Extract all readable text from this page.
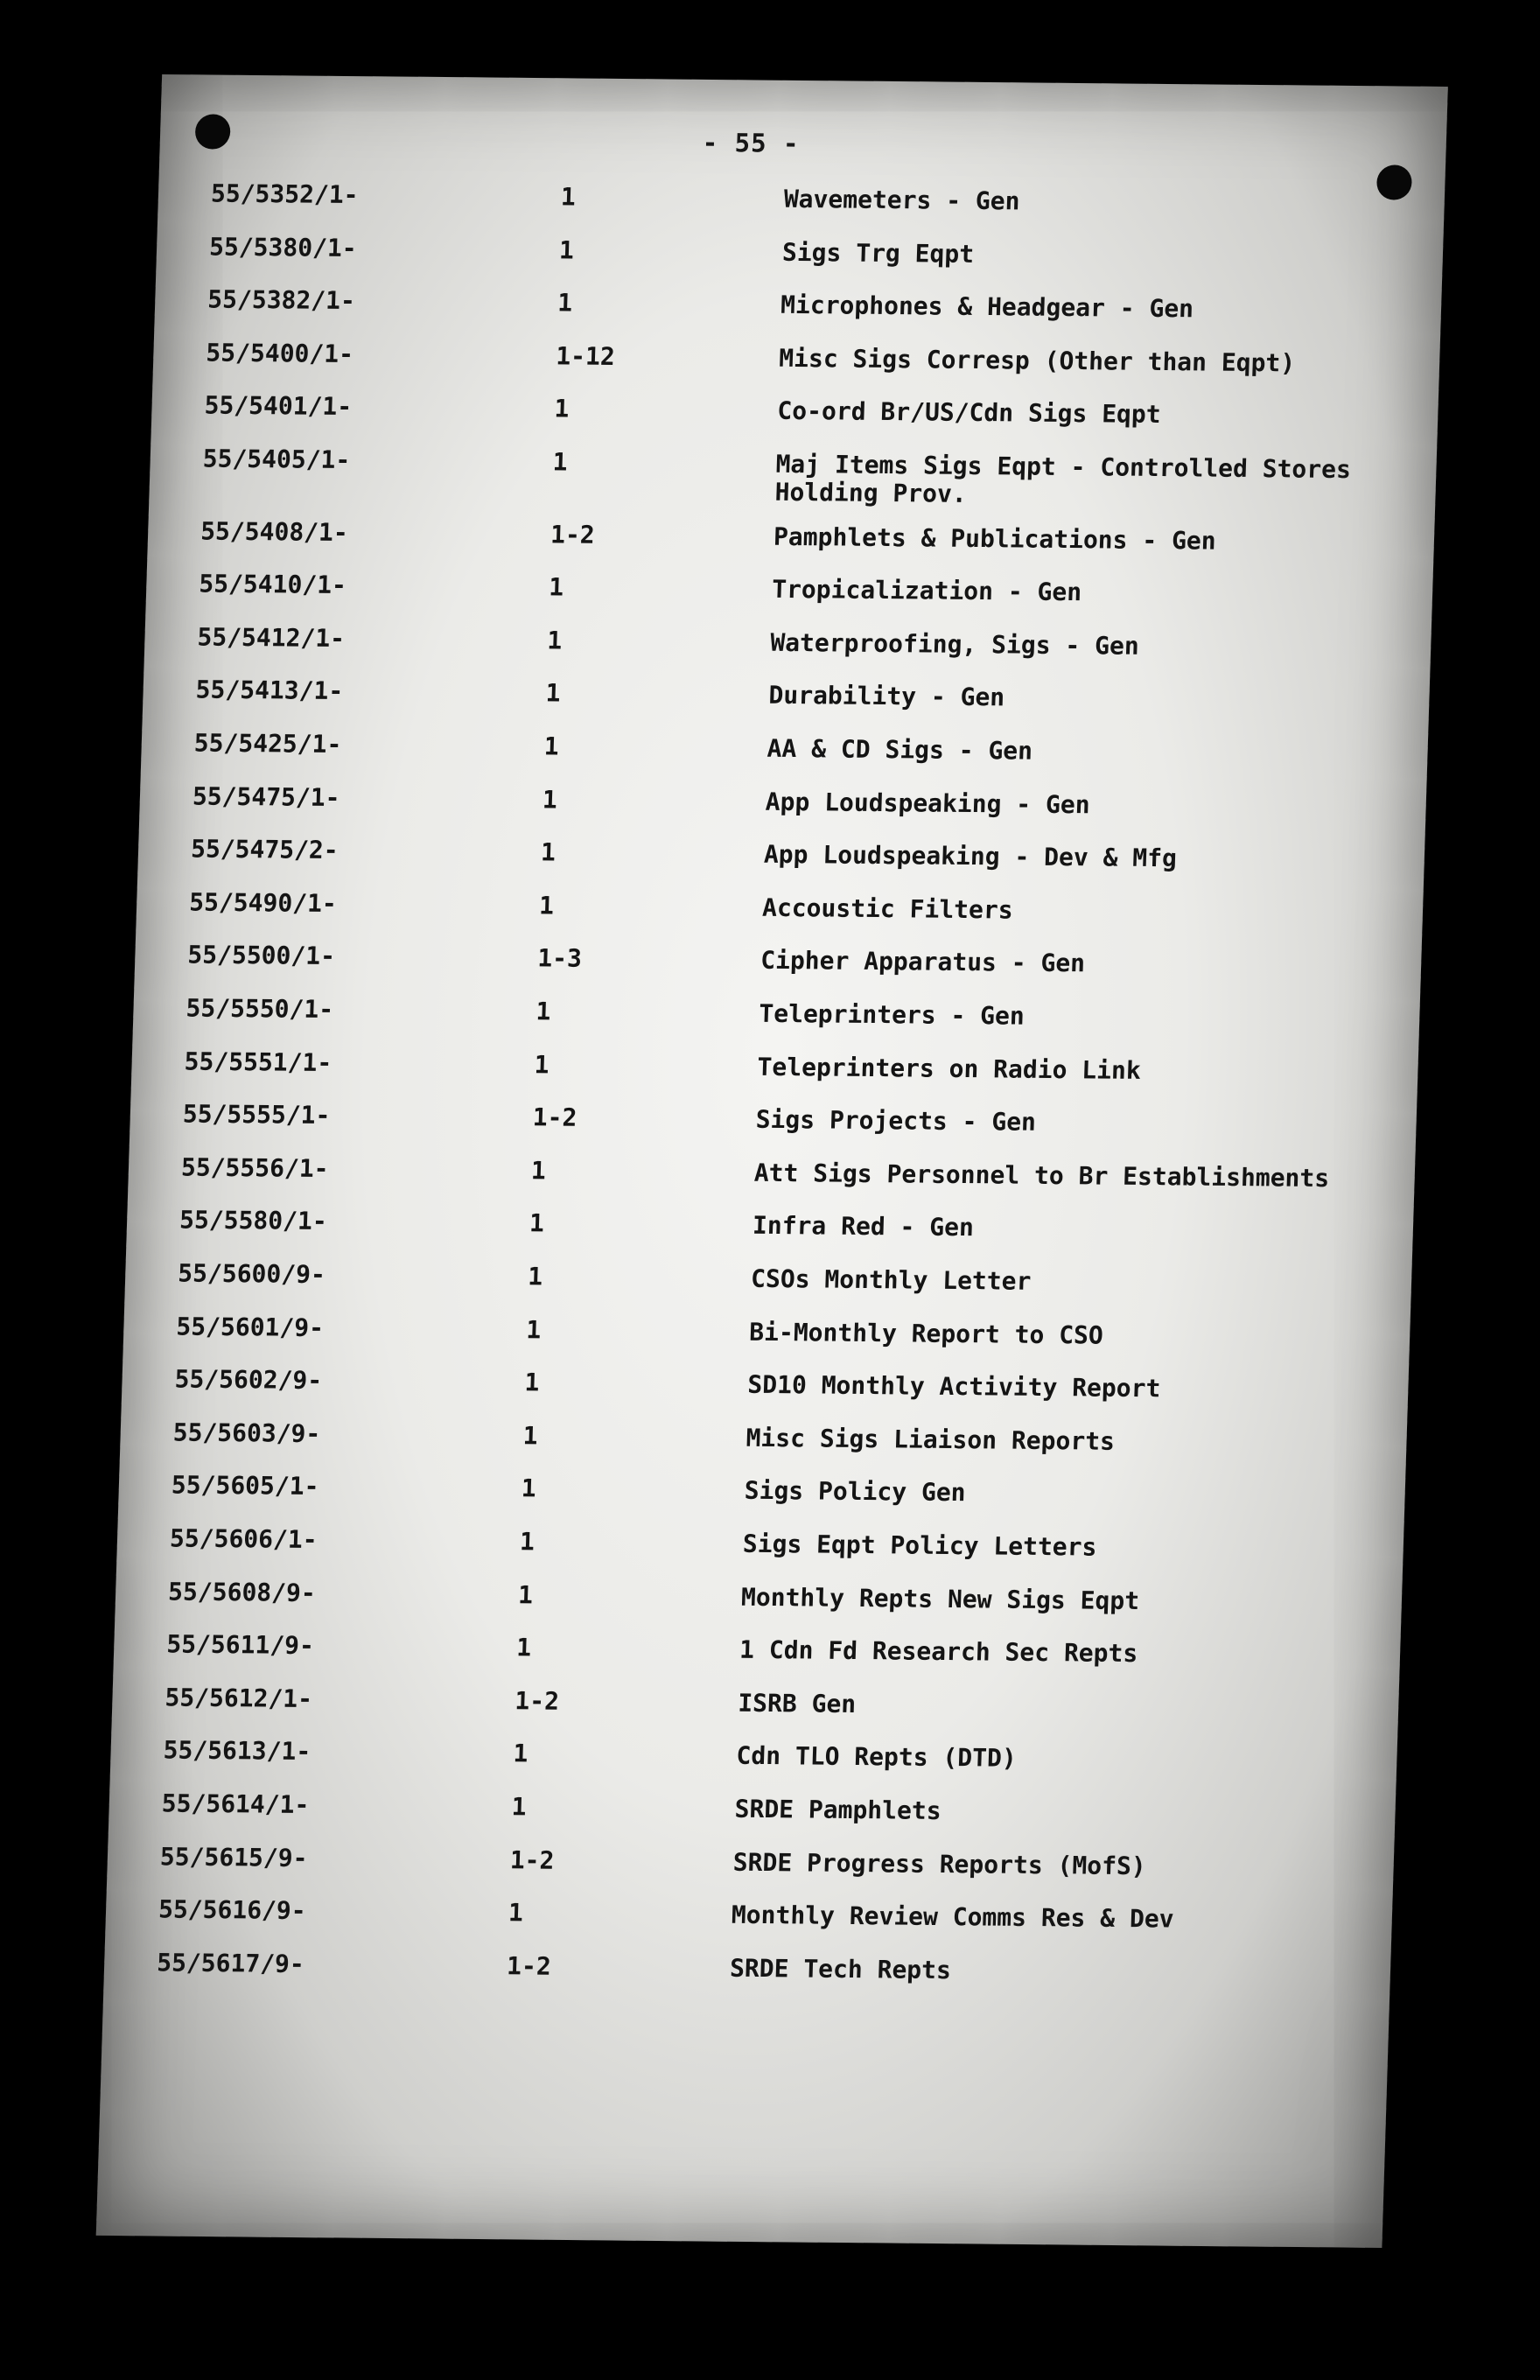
- 55 -
55/5352/1-	1	Wavemeters - Gen
55/5380/1-	1	Sigs Trg Eqpt
55/5382/1-	1	Microphones & Headgear - Gen
55/5400/1-	1-12	Misc Sigs Corresp (Other than Eqpt)
55/5401/1-	1	Co-ord Br/US/Cdn Sigs Eqpt
55/5405/1-	1	Maj Items Sigs Eqpt - Controlled Stores
Holding Prov.
55/5408/1-	1-2	Pamphlets & Publications - Gen
55/5410/1-	1	Tropicalization - Gen
55/5412/1-	1	Waterproofing, Sigs - Gen
55/5413/1-	1	Durability - Gen
55/5425/1-	1	AA & CD Sigs - Gen
55/5475/1-	1	App Loudspeaking - Gen
55/5475/2-	1	App Loudspeaking - Dev & Mfg
55/5490/1-	1	Accoustic Filters
55/5500/1-	1-3	Cipher Apparatus - Gen
55/5550/1-	1	Teleprinters - Gen
55/5551/1-	1	Teleprinters on Radio Link
55/5555/1-	1-2	Sigs Projects - Gen
55/5556/1-	1	Att Sigs Personnel to Br Establishments
55/5580/1-	1	Infra Red - Gen
55/5600/9-	1	CSOs Monthly Letter
55/5601/9-	1	Bi-Monthly Report to CSO
55/5602/9-	1	SD10 Monthly Activity Report
55/5603/9-	1	Misc Sigs Liaison Reports
55/5605/1-	1	Sigs Policy Gen
55/5606/1-	1	Sigs Eqpt Policy Letters
55/5608/9-	1	Monthly Repts New Sigs Eqpt
55/5611/9-	1	1 Cdn Fd Research Sec Repts
55/5612/1-	1-2	ISRB Gen
55/5613/1-	1	Cdn TLO Repts (DTD)
55/5614/1-	1	SRDE Pamphlets
55/5615/9-	1-2	SRDE Progress Reports (MofS)
55/5616/9-	1	Monthly Review Comms Res & Dev
55/5617/9-	1-2	SRDE Tech Repts
